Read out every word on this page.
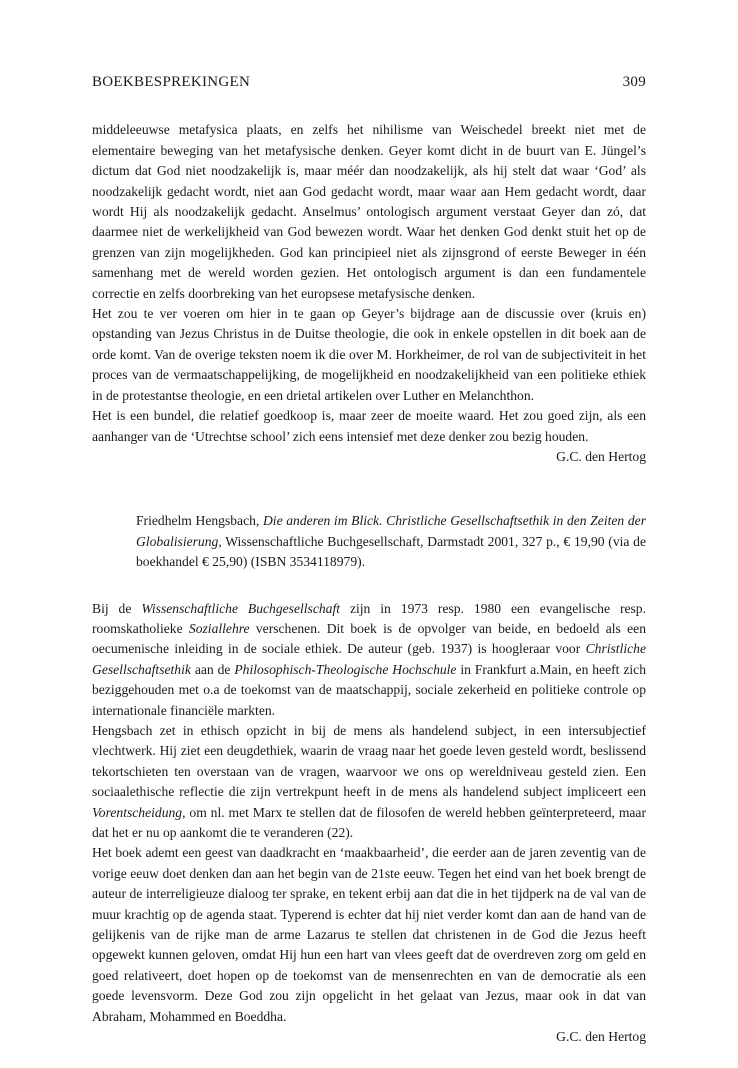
BOEKBESPREKINGEN	309

middeleeuwse metafysica plaats, en zelfs het nihilisme van Weischedel breekt niet met de elementaire beweging van het metafysische denken. Geyer komt dicht in de buurt van E. Jüngel’s dictum dat God niet noodzakelijk is, maar méér dan noodzakelijk, als hij stelt dat waar ‘God’ als noodzakelijk gedacht wordt, niet aan God gedacht wordt, maar waar aan Hem gedacht wordt, daar wordt Hij als noodzakelijk gedacht. Anselmus’ ontologisch argument verstaat Geyer dan zó, dat daarmee niet de werkelijkheid van God bewezen wordt. Waar het denken God denkt stuit het op de grenzen van zijn mogelijkheden. God kan principieel niet als zijnsgrond of eerste Beweger in één samenhang met de wereld worden gezien. Het ontologisch argument is dan een fundamentele correctie en zelfs doorbreking van het europsese metafysische denken.

Het zou te ver voeren om hier in te gaan op Geyer’s bijdrage aan de discussie over (kruis en) opstanding van Jezus Christus in de Duitse theologie, die ook in enkele opstellen in dit boek aan de orde komt. Van de overige teksten noem ik die over M. Horkheimer, de rol van de subjectiviteit in het proces van de vermaatschappelijking, de mogelijkheid en noodzakelijkheid van een politieke ethiek in de protestantse theologie, en een drietal artikelen over Luther en Melanchthon.

Het is een bundel, die relatief goedkoop is, maar zeer de moeite waard. Het zou goed zijn, als een aanhanger van de ‘Utrechtse school’ zich eens intensief met deze denker zou bezig houden.

G.C. den Hertog

Friedhelm Hengsbach, Die anderen im Blick. Christliche Gesellschaftsethik in den Zeiten der Globalisierung, Wissenschaftliche Buchgesellschaft, Darmstadt 2001, 327 p., € 19,90 (via de boekhandel € 25,90) (ISBN 3534118979).

Bij de Wissenschaftliche Buchgesellschaft zijn in 1973 resp. 1980 een evangelische resp. roomskatholieke Soziallehre verschenen. Dit boek is de opvolger van beide, en bedoeld als een oecumenische inleiding in de sociale ethiek. De auteur (geb. 1937) is hoogleraar voor Christliche Gesellschaftsethik aan de Philosophisch-Theologische Hochschule in Frankfurt a.Main, en heeft zich beziggehouden met o.a de toekomst van de maatschappij, sociale zekerheid en politieke controle op internationale financiële markten.

Hengsbach zet in ethisch opzicht in bij de mens als handelend subject, in een intersubjectief vlechtwerk. Hij ziet een deugdethiek, waarin de vraag naar het goede leven gesteld wordt, beslissend tekortschieten ten overstaan van de vragen, waarvoor we ons op wereldniveau gesteld zien. Een sociaalethische reflectie die zijn vertrekpunt heeft in de mens als handelend subject impliceert een Vorentscheidung, om nl. met Marx te stellen dat de filosofen de wereld hebben geïnterpreteerd, maar dat het er nu op aankomt die te veranderen (22).

Het boek ademt een geest van daadkracht en ‘maakbaarheid’, die eerder aan de jaren zeventig van de vorige eeuw doet denken dan aan het begin van de 21ste eeuw. Tegen het eind van het boek brengt de auteur de interreligieuze dialoog ter sprake, en tekent erbij aan dat die in het tijdperk na de val van de muur krachtig op de agenda staat. Typerend is echter dat hij niet verder komt dan aan de hand van de gelijkenis van de rijke man de arme Lazarus te stellen dat christenen in de God die Jezus heeft opgewekt kunnen geloven, omdat Hij hun een hart van vlees geeft dat de overdreven zorg om geld en goed relativeert, doet hopen op de toekomst van de mensenrechten en van de democratie als een goede levensvorm. Deze God zou zijn opgelicht in het gelaat van Jezus, maar ook in dat van Abraham, Mohammed en Boeddha.

G.C. den Hertog
